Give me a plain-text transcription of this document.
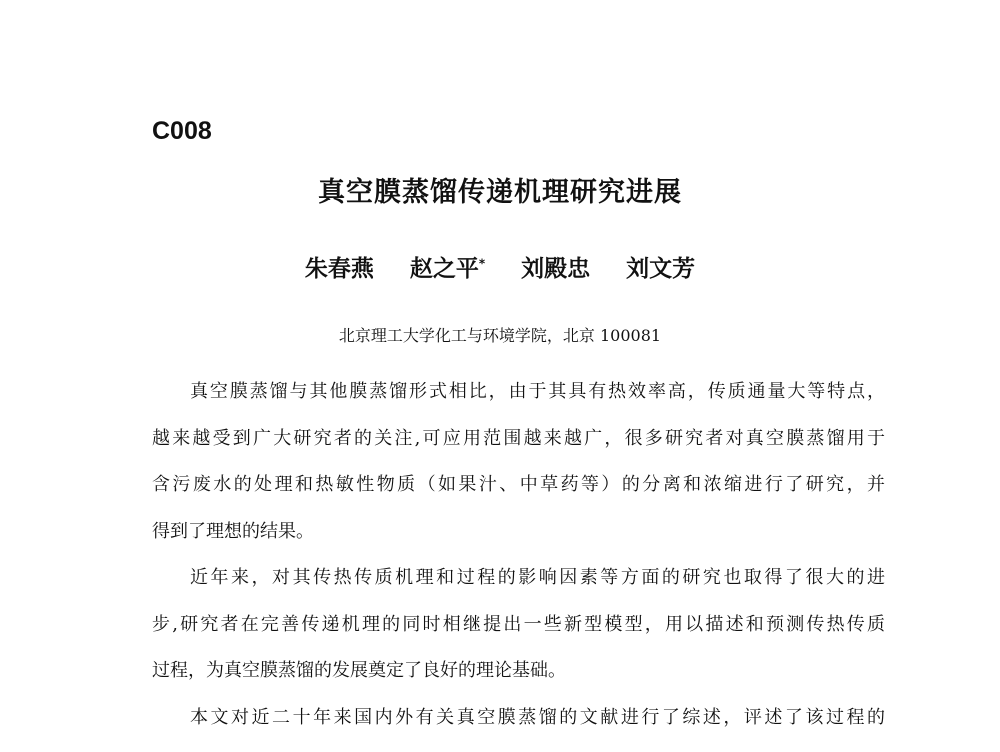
C008
真空膜蒸馏传递机理研究进展
朱春燕 赵之平* 刘殿忠 刘文芳
北京理工大学化工与环境学院，北京 100081
真空膜蒸馏与其他膜蒸馏形式相比，由于其具有热效率高，传质通量大等特点，
越来越受到广大研究者的关注,可应用范围越来越广，很多研究者对真空膜蒸馏用于
含污废水的处理和热敏性物质（如果汁、中草药等）的分离和浓缩进行了研究，并
得到了理想的结果。
近年来，对其传热传质机理和过程的影响因素等方面的研究也取得了很大的进
步,研究者在完善传递机理的同时相继提出一些新型模型，用以描述和预测传热传质
过程，为真空膜蒸馏的发展奠定了良好的理论基础。
本文对近二十年来国内外有关真空膜蒸馏的文献进行了综述，评述了该过程的
